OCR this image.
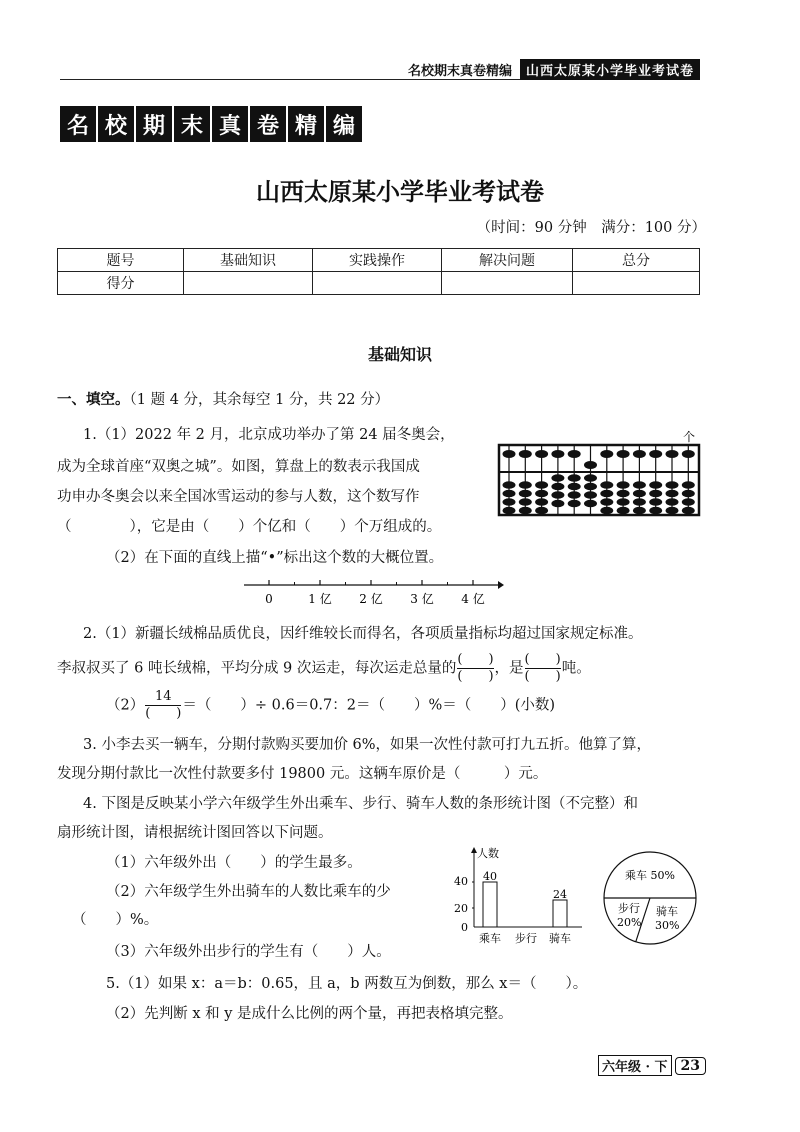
名校期末真卷精编	山西太原某小学毕业考试卷
名 校 期 末 真 卷 精 编
山西太原某小学毕业考试卷
（时间：90 分钟　满分：100 分）
题号	基础知识	实践操作	解决问题	总分
得分				
基础知识
一、填空。（1 题 4 分，其余每空 1 分，共 22 分）
1.（1）2022 年 2 月，北京成功举办了第 24 届冬奥会，
成为全球首座“双奥之城”。如图，算盘上的数表示我国成
功申办冬奥会以来全国冰雪运动的参与人数，这个数写作
（　　　　），它是由（　　）个亿和（　　）个万组成的。
（2）在下面的直线上描“•”标出这个数的大概位置。
个
0	1 亿 2 亿 3 亿 4 亿
2.（1）新疆长绒棉品质优良，因纤维较长而得名，各项质量指标均超过国家规定标准。
李叔叔买了 6 吨长绒棉，平均分成 9 次运走，每次运走总量的 $\frac{( )}{( )}$ ，是 $\frac{( )}{( )}$ 吨。
$(2) \frac{14}{( )}$ ＝（　　）÷ 0.6＝0.7：2＝（　　）%＝（　　）(小数)
3. 小李去买一辆车，分期付款购买要加价 6%，如果一次性付款可打九五折。他算了算，
发现分期付款比一次性付款要多付 19800 元。这辆车原价是（　　　）元。
4. 下图是反映某小学六年级学生外出乘车、步行、骑车人数的条形统计图（不完整）和
扇形统计图，请根据统计图回答以下问题。
（1）六年级外出（　　）的学生最多。
（2）六年级学生外出骑车的人数比乘车的少
（　　）%。
（3）六年级外出步行的学生有（　　）人。
人数
0
20
40 40
24
乘车 步行 骑车
乘车 50%
步行
20%
骑车
30%
5.（1）如果 x：a＝b：0.65，且 a，b 两数互为倒数，那么 x＝（　　）。
（2）先判断 x 和 y 是成什么比例的两个量，再把表格填完整。
六年级 · 下 23
